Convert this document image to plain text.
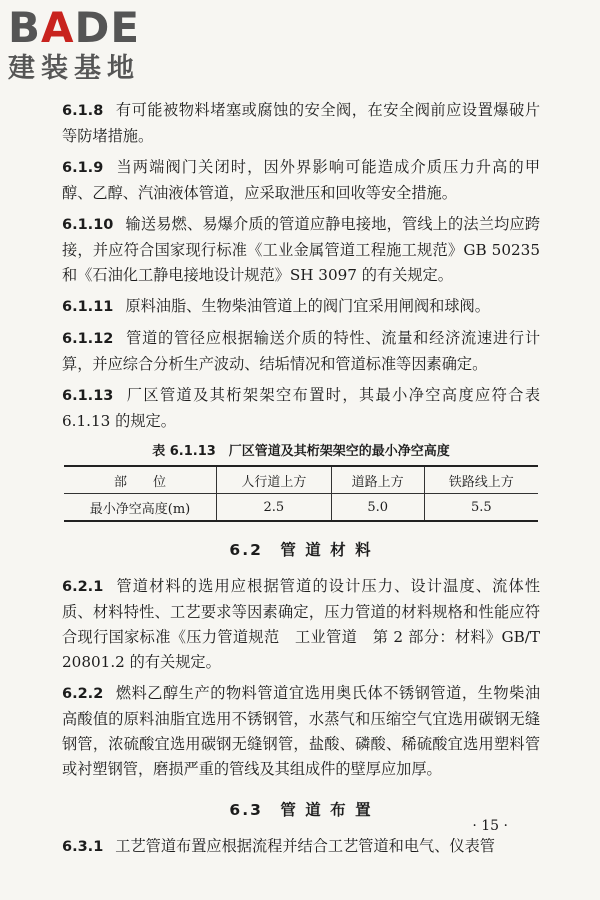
BADE
建装基地

6.1.8 有可能被物料堵塞或腐蚀的安全阀，在安全阀前应设置爆破片等防堵措施。

6.1.9 当两端阀门关闭时，因外界影响可能造成介质压力升高的甲醇、乙醇、汽油液体管道，应采取泄压和回收等安全措施。

6.1.10 输送易燃、易爆介质的管道应静电接地，管线上的法兰均应跨接，并应符合国家现行标准《工业金属管道工程施工规范》GB 50235 和《石油化工静电接地设计规范》SH 3097 的有关规定。

6.1.11 原料油脂、生物柴油管道上的阀门宜采用闸阀和球阀。

6.1.12 管道的管径应根据输送介质的特性、流量和经济流速进行计算，并应综合分析生产波动、结垢情况和管道标准等因素确定。

6.1.13 厂区管道及其桁架架空布置时，其最小净空高度应符合表 6.1.13 的规定。

表 6.1.13　厂区管道及其桁架架空的最小净空高度
部　　位	人行道上方	道路上方	铁路线上方
最小净空高度(m)	2.5	5.0	5.5
6.2　管 道 材 料

6.2.1 管道材料的选用应根据管道的设计压力、设计温度、流体性质、材料特性、工艺要求等因素确定，压力管道的材料规格和性能应符合现行国家标准《压力管道规范　工业管道　第 2 部分：材料》GB/T 20801.2 的有关规定。

6.2.2 燃料乙醇生产的物料管道宜选用奥氏体不锈钢管道，生物柴油高酸值的原料油脂宜选用不锈钢管，水蒸气和压缩空气宜选用碳钢无缝钢管，浓硫酸宜选用碳钢无缝钢管，盐酸、磷酸、稀硫酸宜选用塑料管或衬塑钢管，磨损严重的管线及其组成件的壁厚应加厚。

6.3　管 道 布 置

6.3.1 工艺管道布置应根据流程并结合工艺管道和电气、仪表管

· 15 ·
